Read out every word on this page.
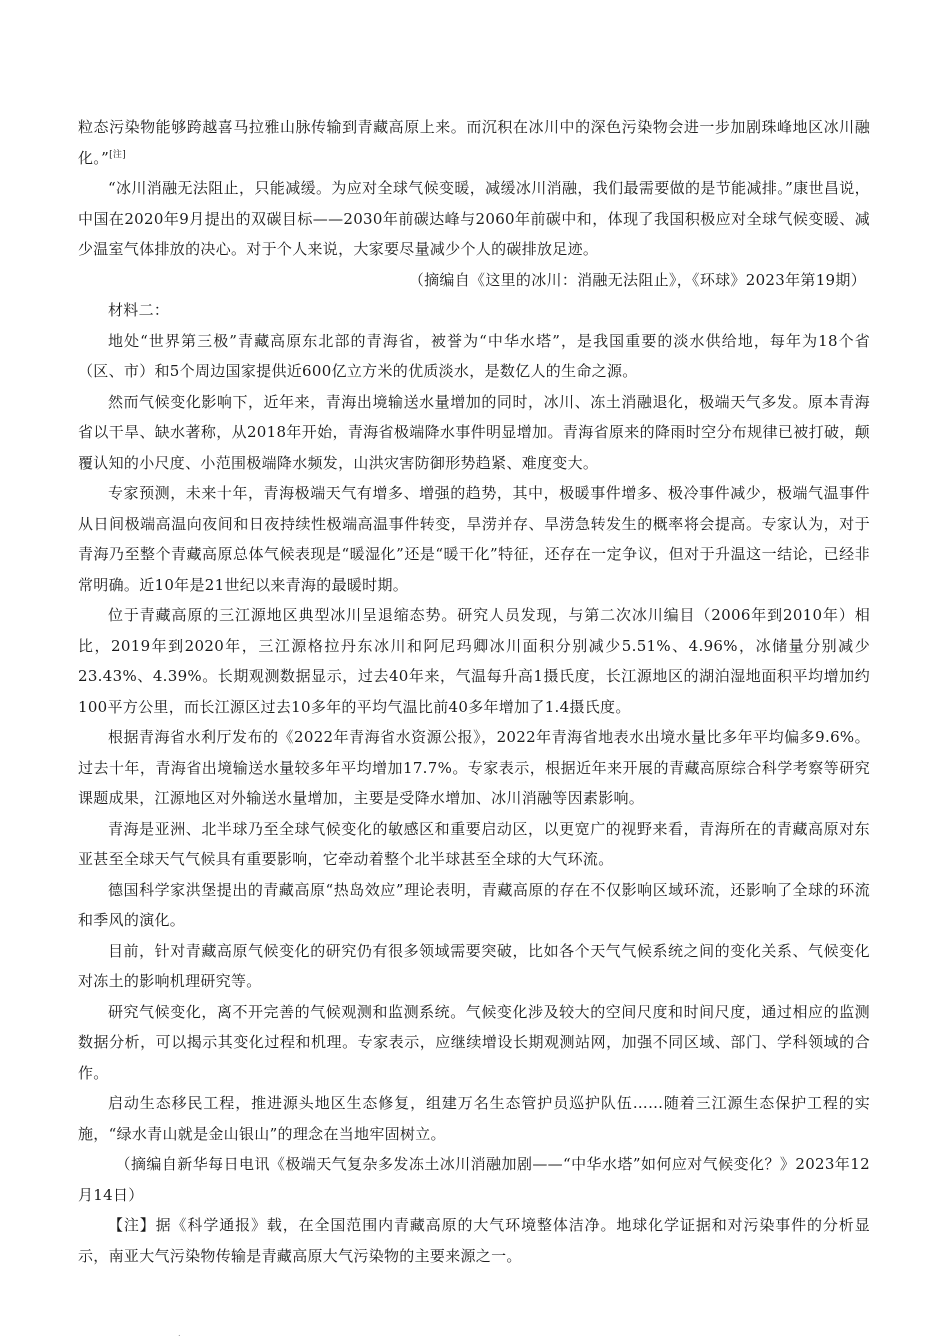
粒态污染物能够跨越喜马拉雅山脉传输到青藏高原上来。而沉积在冰川中的深色污染物会进一步加剧珠峰地区冰川融化。”[注]

“冰川消融无法阻止，只能减缓。为应对全球气候变暖，减缓冰川消融，我们最需要做的是节能减排。”康世昌说，中国在2020年9月提出的双碳目标——2030年前碳达峰与2060年前碳中和，体现了我国积极应对全球气候变暖、减少温室气体排放的决心。对于个人来说，大家要尽量减少个人的碳排放足迹。

（摘编自《这里的冰川：消融无法阻止》，《环球》2023年第19期）

材料二：

地处“世界第三极”青藏高原东北部的青海省，被誉为“中华水塔”，是我国重要的淡水供给地，每年为18个省（区、市）和5个周边国家提供近600亿立方米的优质淡水，是数亿人的生命之源。

然而气候变化影响下，近年来，青海出境输送水量增加的同时，冰川、冻土消融退化，极端天气多发。原本青海省以干旱、缺水著称，从2018年开始，青海省极端降水事件明显增加。青海省原来的降雨时空分布规律已被打破，颠覆认知的小尺度、小范围极端降水频发，山洪灾害防御形势趋紧、难度变大。

专家预测，未来十年，青海极端天气有增多、增强的趋势，其中，极暖事件增多、极冷事件减少，极端气温事件从日间极端高温向夜间和日夜持续性极端高温事件转变，旱涝并存、旱涝急转发生的概率将会提高。专家认为，对于青海乃至整个青藏高原总体气候表现是“暖湿化”还是“暖干化”特征，还存在一定争议，但对于升温这一结论，已经非常明确。近10年是21世纪以来青海的最暖时期。

位于青藏高原的三江源地区典型冰川呈退缩态势。研究人员发现，与第二次冰川编目（2006年到2010年）相比，2019年到2020年，三江源格拉丹东冰川和阿尼玛卿冰川面积分别减少5.51%、4.96%，冰储量分别减少23.43%、4.39%。长期观测数据显示，过去40年来，气温每升高1摄氏度，长江源地区的湖泊湿地面积平均增加约100平方公里，而长江源区过去10多年的平均气温比前40多年增加了1.4摄氏度。

根据青海省水利厅发布的《2022年青海省水资源公报》，2022年青海省地表水出境水量比多年平均偏多9.6%。过去十年，青海省出境输送水量较多年平均增加17.7%。专家表示，根据近年来开展的青藏高原综合科学考察等研究课题成果，江源地区对外输送水量增加，主要是受降水增加、冰川消融等因素影响。

青海是亚洲、北半球乃至全球气候变化的敏感区和重要启动区，以更宽广的视野来看，青海所在的青藏高原对东亚甚至全球天气气候具有重要影响，它牵动着整个北半球甚至全球的大气环流。

德国科学家洪堡提出的青藏高原“热岛效应”理论表明，青藏高原的存在不仅影响区域环流，还影响了全球的环流和季风的演化。

目前，针对青藏高原气候变化的研究仍有很多领域需要突破，比如各个天气气候系统之间的变化关系、气候变化对冻土的影响机理研究等。

研究气候变化，离不开完善的气候观测和监测系统。气候变化涉及较大的空间尺度和时间尺度，通过相应的监测数据分析，可以揭示其变化过程和机理。专家表示，应继续增设长期观测站网，加强不同区域、部门、学科领域的合作。

启动生态移民工程，推进源头地区生态修复，组建万名生态管护员巡护队伍……随着三江源生态保护工程的实施，“绿水青山就是金山银山”的理念在当地牢固树立。

（摘编自新华每日电讯《极端天气复杂多发冻土冰川消融加剧——“中华水塔”如何应对气候变化？》2023年12月14日）

【注】据《科学通报》载，在全国范围内青藏高原的大气环境整体洁净。地球化学证据和对污染事件的分析显示，南亚大气污染物传输是青藏高原大气污染物的主要来源之一。

.
